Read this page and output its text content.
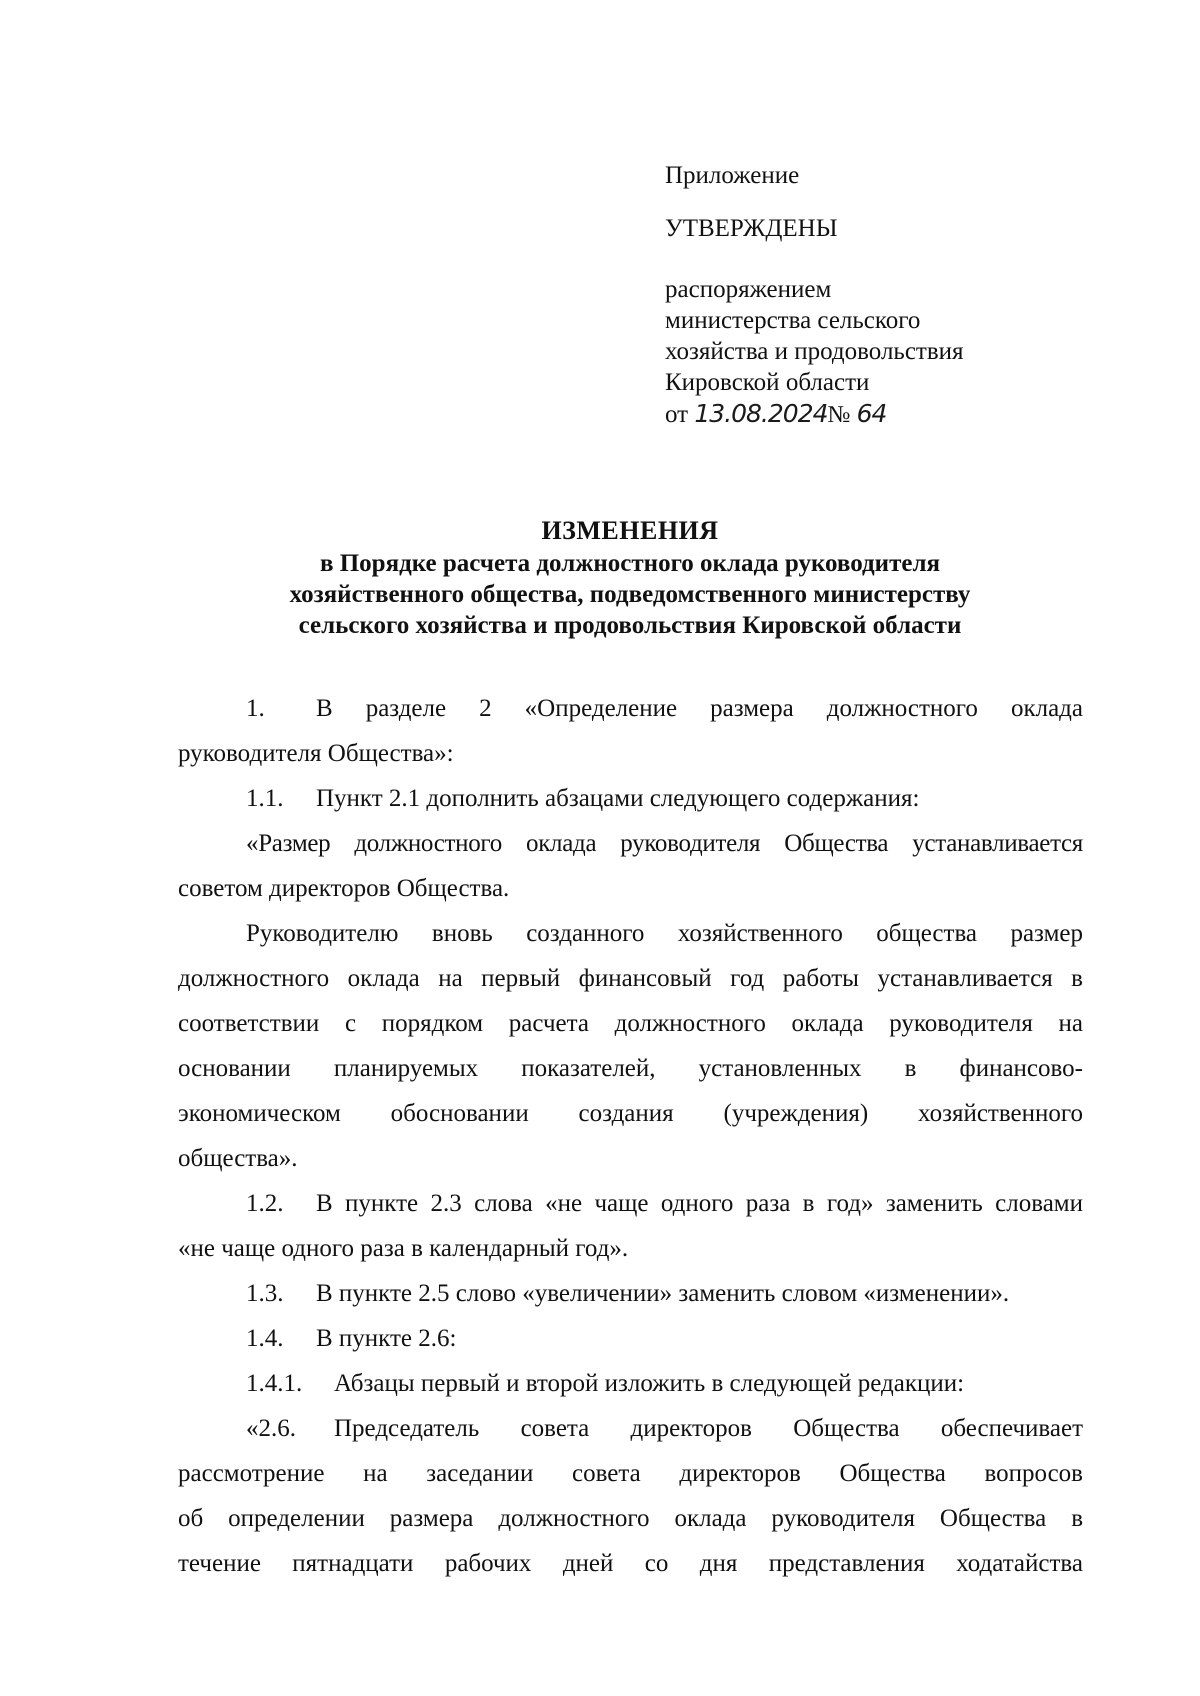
Приложение
УТВЕРЖДЕНЫ
распоряжением
министерства сельского
хозяйства и продовольствия
Кировской области
от 13.08.2024№ 64
ИЗМЕНЕНИЯ
в Порядке расчета должностного оклада руководителя
хозяйственного общества, подведомственного министерству
сельского хозяйства и продовольствия Кировской области

1. В разделе 2 «Определение размера должностного оклада

руководителя Общества»:

1.1. Пункт 2.1 дополнить абзацами следующего содержания:

«Размер должностного оклада руководителя Общества устанавливается

советом директоров Общества.

Руководителю вновь созданного хозяйственного общества размер

должностного оклада на первый финансовый год работы устанавливается в

соответствии с порядком расчета должностного оклада руководителя на

основании планируемых показателей, установленных в финансово-

экономическом обосновании создания (учреждения) хозяйственного

общества».

1.2. В пункте 2.3 слова «не чаще одного раза в год» заменить словами

«не чаще одного раза в календарный год».

1.3. В пункте 2.5 слово «увеличении» заменить словом «изменении».

1.4. В пункте 2.6:

1.4.1. Абзацы первый и второй изложить в следующей редакции:

«2.6. Председатель совета директоров Общества обеспечивает

рассмотрение на заседании совета директоров Общества вопросов

об определении размера должностного оклада руководителя Общества в

течение пятнадцати рабочих дней со дня представления ходатайства
